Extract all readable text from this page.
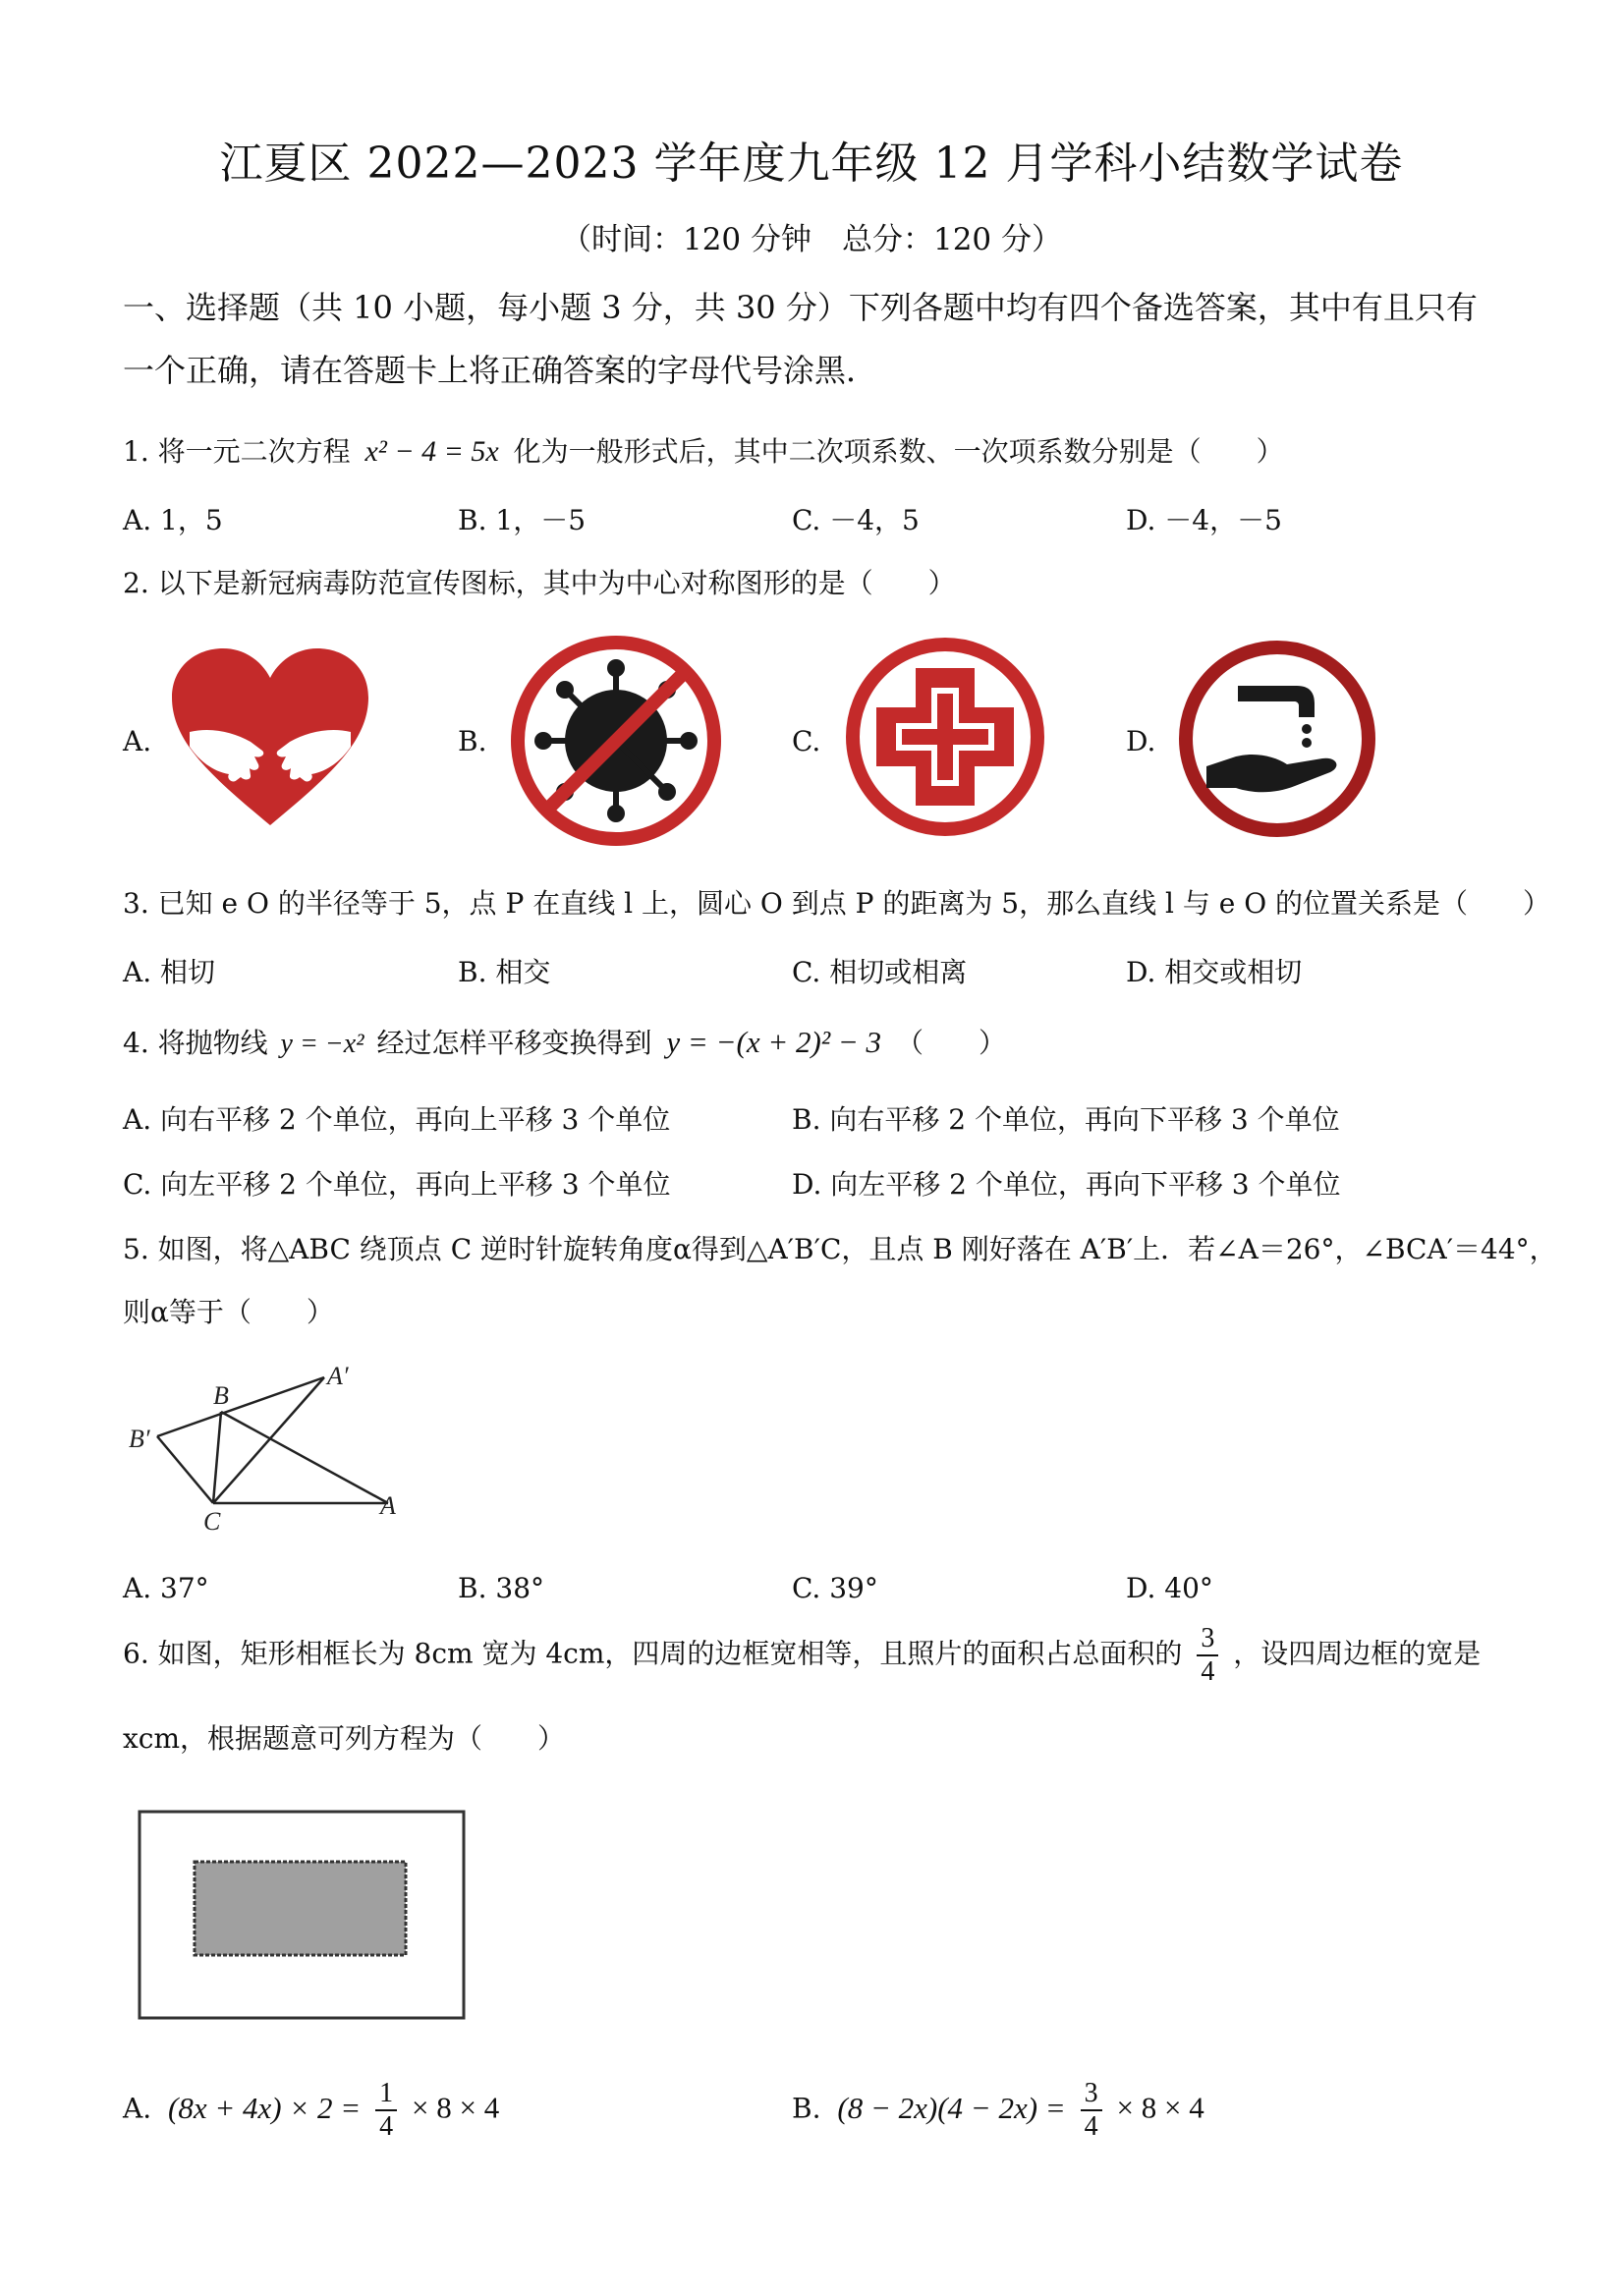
江夏区 2022—2023 学年度九年级 12 月学科小结数学试卷
（时间：120 分钟　总分：120 分）
一、选择题（共 10 小题，每小题 3 分，共 30 分）下列各题中均有四个备选答案，其中有且只有
一个正确，请在答题卡上将正确答案的字母代号涂黑．
1. 将一元二次方程 x² − 4 = 5x 化为一般形式后，其中二次项系数、一次项系数分别是（　　）
A. 1，5	B. 1，－5	C. －4，5	D. －4，－5
2. 以下是新冠病毒防范宣传图标，其中为中心对称图形的是（　　）
A.	B.	C.	D.
3. 已知 e O 的半径等于 5，点 P 在直线 l 上，圆心 O 到点 P 的距离为 5，那么直线 l 与 e O 的位置关系是（　　）
A. 相切	B. 相交	C. 相切或相离	D. 相交或相切
4. 将抛物线 y = −x² 经过怎样平移变换得到 y = −(x + 2)² − 3 （　　）
A. 向右平移 2 个单位，再向上平移 3 个单位	B. 向右平移 2 个单位，再向下平移 3 个单位
C. 向左平移 2 个单位，再向上平移 3 个单位	D. 向左平移 2 个单位，再向下平移 3 个单位
5. 如图，将△ABC 绕顶点 C 逆时针旋转角度α得到△A′B′C，且点 B 刚好落在 A′B′上．若∠A＝26°，∠BCA′＝44°，
则α等于（　　）
B
A′
B′
C
A
A. 37°	B. 38°	C. 39°	D. 40°
6. 如图，矩形相框长为 8cm 宽为 4cm，四周的边框宽相等，且照片的面积占总面积的 $\frac{3}{4}$ ，设四周边框的宽是
xcm，根据题意可列方程为（　　）
A. $(8x + 4x) \times 2 = \frac{1}{4} \times 8 \times 4$	B. $(8 - 2x)(4 - 2x) = \frac{3}{4} \times 8 \times 4$
